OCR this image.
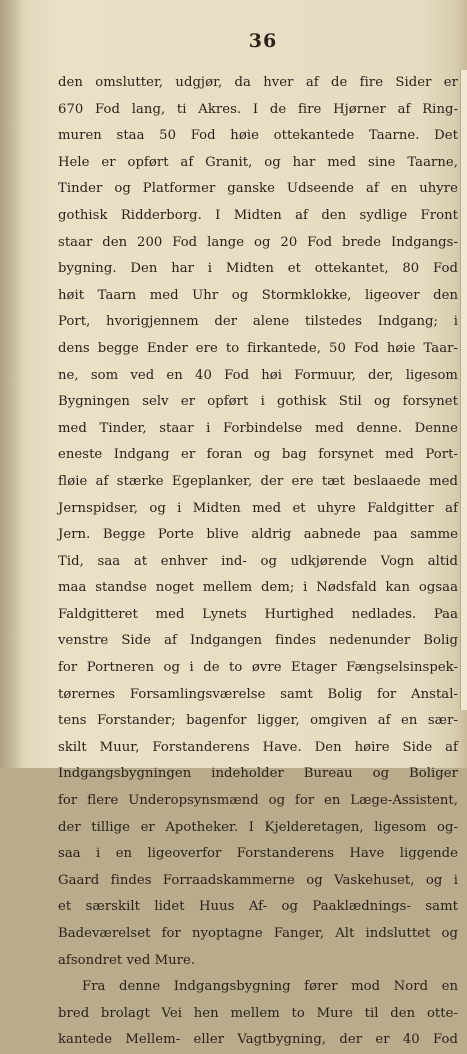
36
den omslutter, udgjør, da hver af de fire Sider er
670 Fod lang, ti Akres. I de fire Hjørner af Ring-
muren staa 50 Fod høie ottekantede Taarne. Det
Hele er opført af Granit, og har med sine Taarne,
Tinder og Platformer ganske Udseende af en uhyre
gothisk Ridderborg. I Midten af den sydlige Front
staar den 200 Fod lange og 20 Fod brede Indgangs-
bygning. Den har i Midten et ottekantet, 80 Fod
høit Taarn med Uhr og Stormklokke, ligeover den
Port, hvorigjennem der alene tilstedes Indgang; i
dens begge Ender ere to firkantede, 50 Fod høie Taar-
ne, som ved en 40 Fod høi Formuur, der, ligesom
Bygningen selv er opført i gothisk Stil og forsynet
med Tinder, staar i Forbindelse med denne. Denne
eneste Indgang er foran og bag forsynet med Port-
fløie af stærke Egeplanker, der ere tæt beslaaede med
Jernspidser, og i Midten med et uhyre Faldgitter af
Jern. Begge Porte blive aldrig aabnede paa samme
Tid, saa at enhver ind- og udkjørende Vogn altid
maa standse noget mellem dem; i Nødsfald kan ogsaa
Faldgitteret med Lynets Hurtighed nedlades. Paa
venstre Side af Indgangen findes nedenunder Bolig
for Portneren og i de to øvre Etager Fængselsinspek-
tørernes Forsamlingsværelse samt Bolig for Anstal-
tens Forstander; bagenfor ligger, omgiven af en sær-
skilt Muur, Forstanderens Have. Den høire Side af
Indgangsbygningen indeholder Bureau og Boliger
for flere Underopsynsmænd og for en Læge-Assistent,
der tillige er Apotheker. I Kjelderetagen, ligesom og-
saa i en ligeoverfor Forstanderens Have liggende
Gaard findes Forraadskammerne og Vaskehuset, og i
et særskilt lidet Huus Af- og Paaklædnings- samt
Badeværelset for nyoptagne Fanger, Alt indsluttet og
afsondret ved Mure.
Fra denne Indgangsbygning fører mod Nord en
bred brolagt Vei hen mellem to Mure til den otte-
kantede Mellem- eller Vagtbygning, der er 40 Fod
